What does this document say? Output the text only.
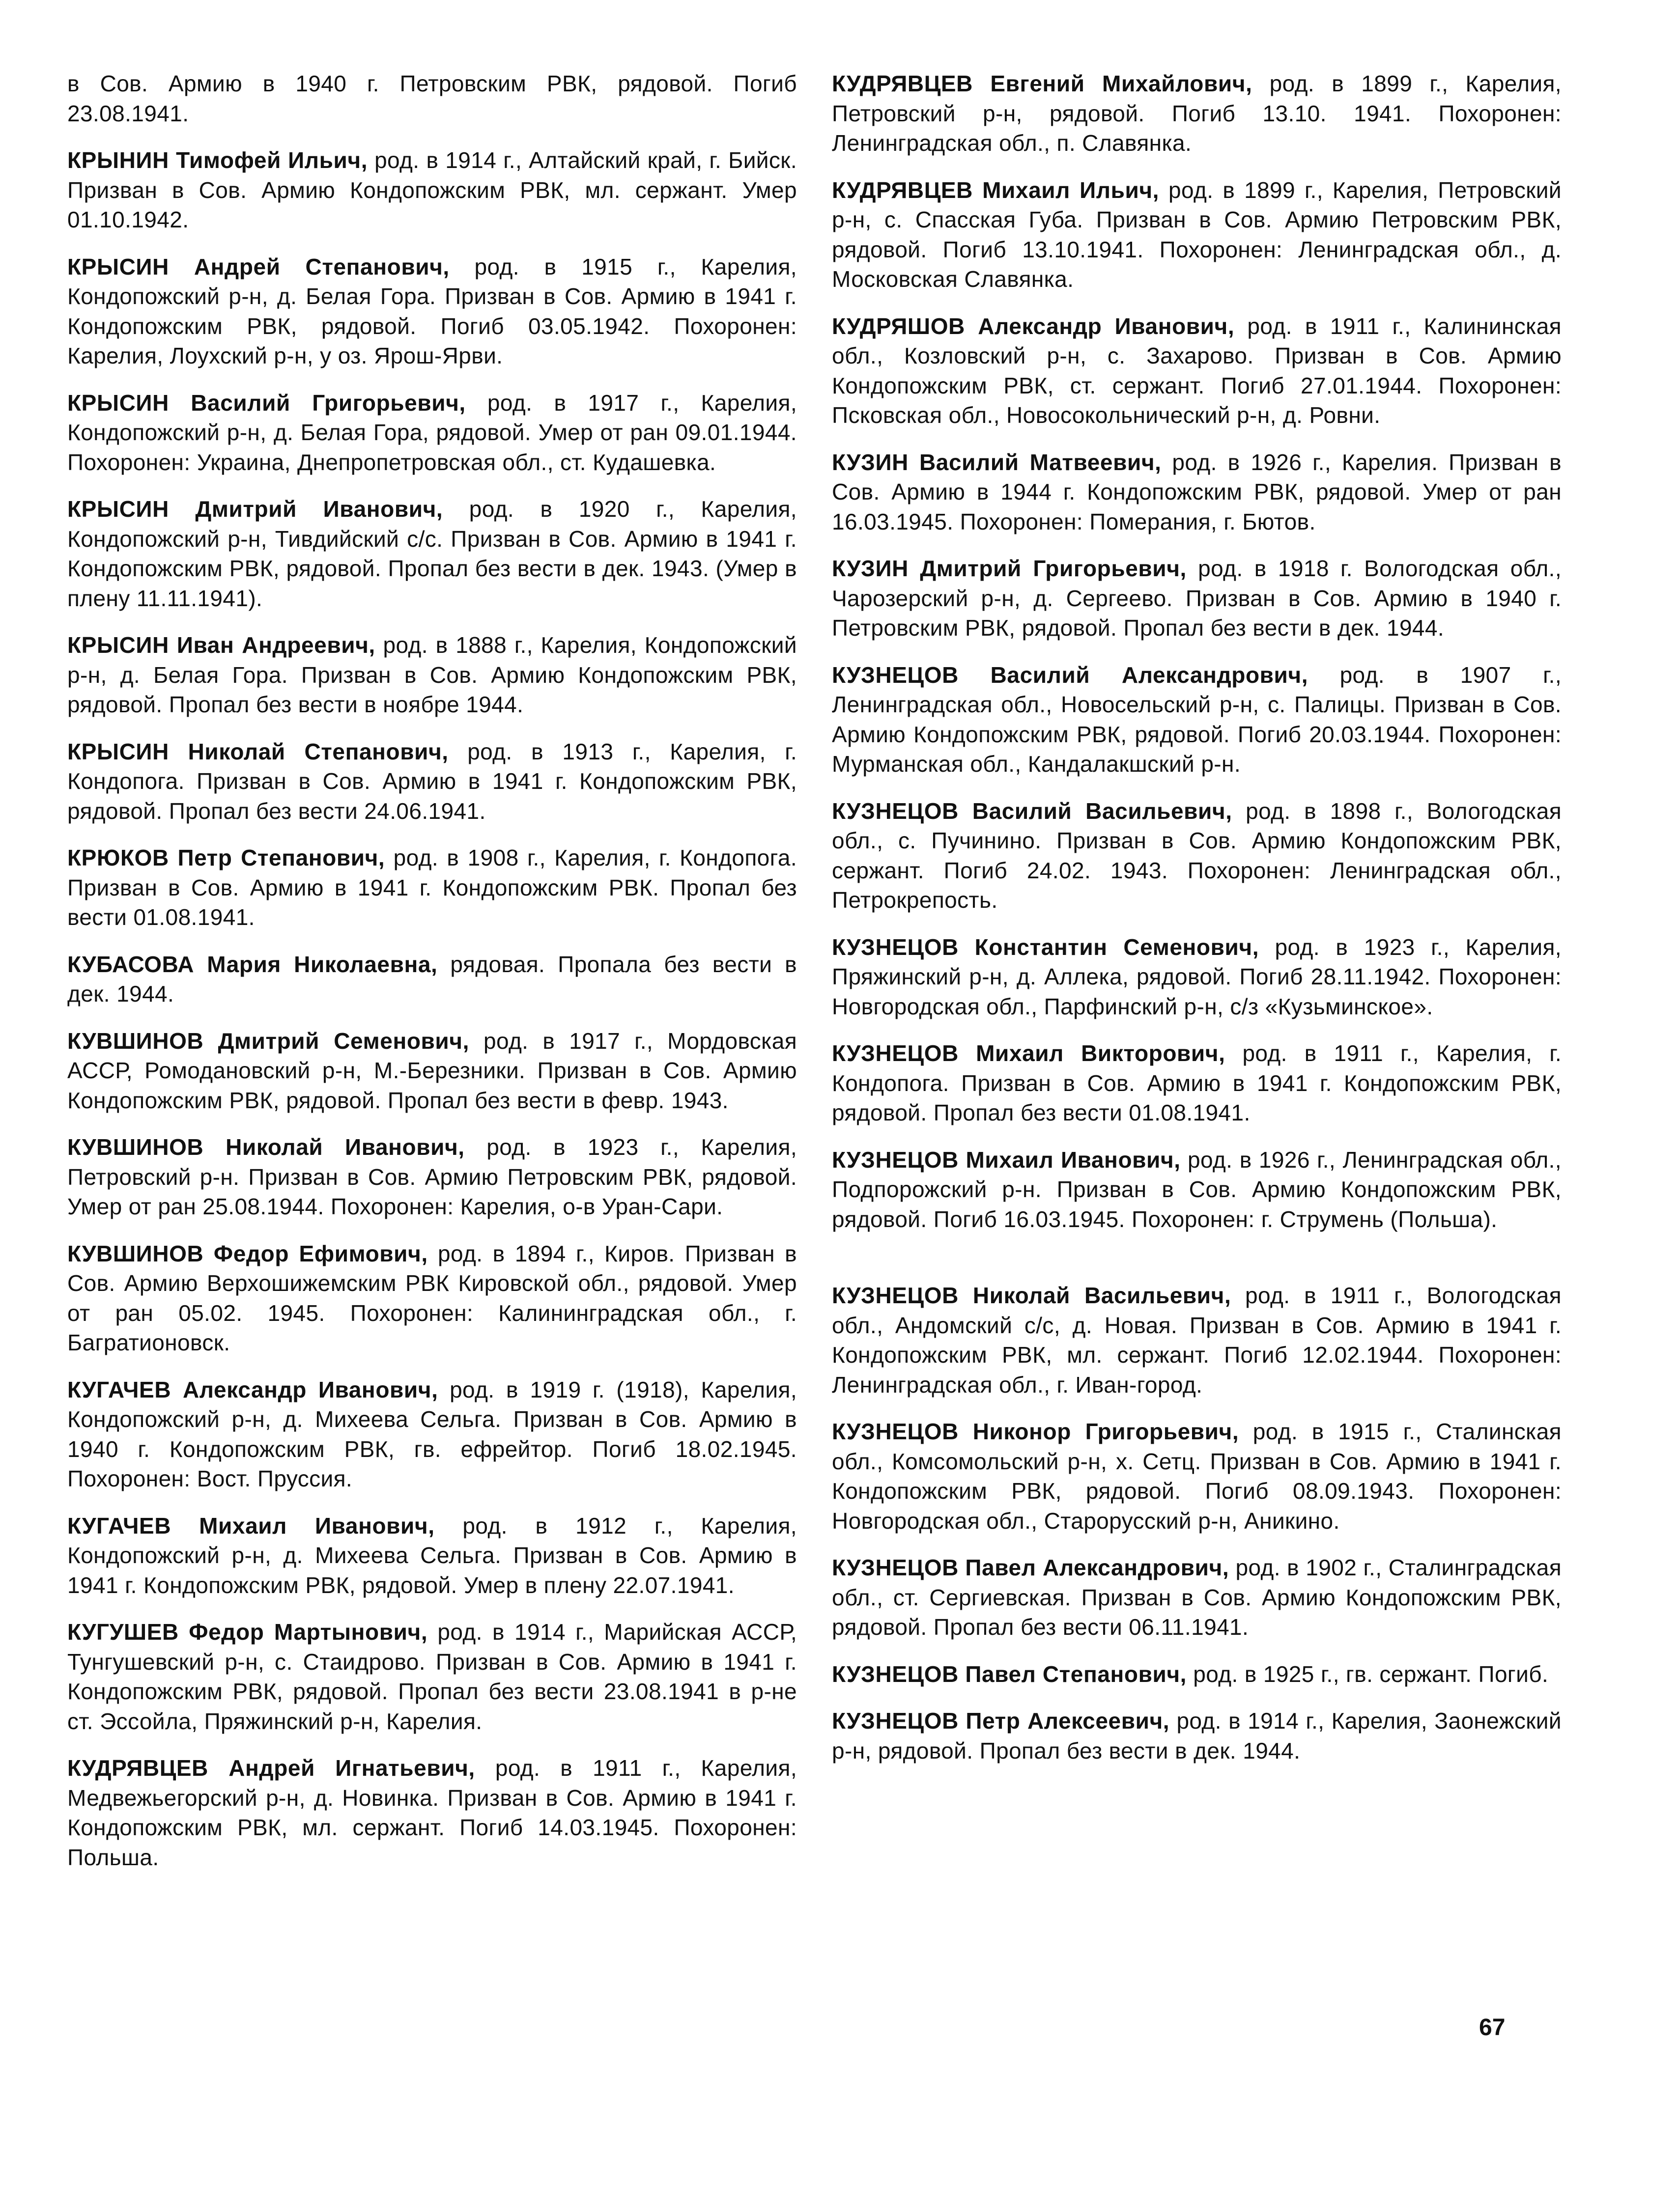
в Сов. Армию в 1940 г. Петровским РВК, рядовой. Погиб 23.08.1941.

КРЫНИН Тимофей Ильич, род. в 1914 г., Алтайский край, г. Бийск. Призван в Сов. Армию Кондопожским РВК, мл. сержант. Умер 01.10.1942.

КРЫСИН Андрей Степанович, род. в 1915 г., Карелия, Кондопожский р-н, д. Белая Гора. Призван в Сов. Армию в 1941 г. Кондопожским РВК, рядовой. Погиб 03.05.1942. Похоронен: Карелия, Лоухский р-н, у оз. Ярош-Ярви.

КРЫСИН Василий Григорьевич, род. в 1917 г., Карелия, Кондопожский р-н, д. Белая Гора, рядовой. Умер от ран 09.01.1944. Похоронен: Украина, Днепропетровская обл., ст. Кудашевка.

КРЫСИН Дмитрий Иванович, род. в 1920 г., Карелия, Кондопожский р-н, Тивдийский с/с. Призван в Сов. Армию в 1941 г. Кондопожским РВК, рядовой. Пропал без вести в дек. 1943. (Умер в плену 11.11.1941).

КРЫСИН Иван Андреевич, род. в 1888 г., Карелия, Кондопожский р-н, д. Белая Гора. Призван в Сов. Армию Кондопожским РВК, рядовой. Пропал без вести в ноябре 1944.

КРЫСИН Николай Степанович, род. в 1913 г., Карелия, г. Кондопога. Призван в Сов. Армию в 1941 г. Кондопожским РВК, рядовой. Пропал без вести 24.06.1941.

КРЮКОВ Петр Степанович, род. в 1908 г., Карелия, г. Кондопога. Призван в Сов. Армию в 1941 г. Кондопожским РВК. Пропал без вести 01.08.1941.

КУБАСОВА Мария Николаевна, рядовая. Пропала без вести в дек. 1944.

КУВШИНОВ Дмитрий Семенович, род. в 1917 г., Мордовская АССР, Ромодановский р-н, М.-Березники. Призван в Сов. Армию Кондопожским РВК, рядовой. Пропал без вести в февр. 1943.

КУВШИНОВ Николай Иванович, род. в 1923 г., Карелия, Петровский р-н. Призван в Сов. Армию Петровским РВК, рядовой. Умер от ран 25.08.1944. Похоронен: Карелия, о-в Уран-Сари.

КУВШИНОВ Федор Ефимович, род. в 1894 г., Киров. Призван в Сов. Армию Верхошижемским РВК Кировской обл., рядовой. Умер от ран 05.02. 1945. Похоронен: Калининградская обл., г. Багратионовск.

КУГАЧЕВ Александр Иванович, род. в 1919 г. (1918), Карелия, Кондопожский р-н, д. Михеева Сельга. Призван в Сов. Армию в 1940 г. Кондопожским РВК, гв. ефрейтор. Погиб 18.02.1945. Похоронен: Вост. Пруссия.

КУГАЧЕВ Михаил Иванович, род. в 1912 г., Карелия, Кондопожский р-н, д. Михеева Сельга. Призван в Сов. Армию в 1941 г. Кондопожским РВК, рядовой. Умер в плену 22.07.1941.

КУГУШЕВ Федор Мартынович, род. в 1914 г., Марийская АССР, Тунгушевский р-н, с. Стаидрово. Призван в Сов. Армию в 1941 г. Кондопожским РВК, рядовой. Пропал без вести 23.08.1941 в р-не ст. Эссойла, Пряжинский р-н, Карелия.

КУДРЯВЦЕВ Андрей Игнатьевич, род. в 1911 г., Карелия, Медвежьегорский р-н, д. Новинка. Призван в Сов. Армию в 1941 г. Кондопожским РВК, мл. сержант. Погиб 14.03.1945. Похоронен: Польша.

КУДРЯВЦЕВ Евгений Михайлович, род. в 1899 г., Карелия, Петровский р-н, рядовой. Погиб 13.10. 1941. Похоронен: Ленинградская обл., п. Славянка.

КУДРЯВЦЕВ Михаил Ильич, род. в 1899 г., Карелия, Петровский р-н, с. Спасская Губа. Призван в Сов. Армию Петровским РВК, рядовой. Погиб 13.10.1941. Похоронен: Ленинградская обл., д. Московская Славянка.

КУДРЯШОВ Александр Иванович, род. в 1911 г., Калининская обл., Козловский р-н, с. Захарово. Призван в Сов. Армию Кондопожским РВК, ст. сержант. Погиб 27.01.1944. Похоронен: Псковская обл., Новосокольнический р-н, д. Ровни.

КУЗИН Василий Матвеевич, род. в 1926 г., Карелия. Призван в Сов. Армию в 1944 г. Кондопожским РВК, рядовой. Умер от ран 16.03.1945. Похоронен: Померания, г. Бютов.

КУЗИН Дмитрий Григорьевич, род. в 1918 г. Вологодская обл., Чарозерский р-н, д. Сергеево. Призван в Сов. Армию в 1940 г. Петровским РВК, рядовой. Пропал без вести в дек. 1944.

КУЗНЕЦОВ Василий Александрович, род. в 1907 г., Ленинградская обл., Новосельский р-н, с. Палицы. Призван в Сов. Армию Кондопожским РВК, рядовой. Погиб 20.03.1944. Похоронен: Мурманская обл., Кандалакшский р-н.

КУЗНЕЦОВ Василий Васильевич, род. в 1898 г., Вологодская обл., с. Пучинино. Призван в Сов. Армию Кондопожским РВК, сержант. Погиб 24.02. 1943. Похоронен: Ленинградская обл., Петрокрепость.

КУЗНЕЦОВ Константин Семенович, род. в 1923 г., Карелия, Пряжинский р-н, д. Аллека, рядовой. Погиб 28.11.1942. Похоронен: Новгородская обл., Парфинский р-н, с/з «Кузьминское».

КУЗНЕЦОВ Михаил Викторович, род. в 1911 г., Карелия, г. Кондопога. Призван в Сов. Армию в 1941 г. Кондопожским РВК, рядовой. Пропал без вести 01.08.1941.

КУЗНЕЦОВ Михаил Иванович, род. в 1926 г., Ленинградская обл., Подпорожский р-н. Призван в Сов. Армию Кондопожским РВК, рядовой. Погиб 16.03.1945. Похоронен: г. Струмень (Польша).

КУЗНЕЦОВ Николай Васильевич, род. в 1911 г., Вологодская обл., Андомский с/с, д. Новая. Призван в Сов. Армию в 1941 г. Кондопожским РВК, мл. сержант. Погиб 12.02.1944. Похоронен: Ленинградская обл., г. Иван-город.

КУЗНЕЦОВ Никонор Григорьевич, род. в 1915 г., Сталинская обл., Комсомольский р-н, х. Сетц. Призван в Сов. Армию в 1941 г. Кондопожским РВК, рядовой. Погиб 08.09.1943. Похоронен: Новгородская обл., Старорусский р-н, Аникино.

КУЗНЕЦОВ Павел Александрович, род. в 1902 г., Сталинградская обл., ст. Сергиевская. Призван в Сов. Армию Кондопожским РВК, рядовой. Пропал без вести 06.11.1941.

КУЗНЕЦОВ Павел Степанович, род. в 1925 г., гв. сержант. Погиб.

КУЗНЕЦОВ Петр Алексеевич, род. в 1914 г., Карелия, Заонежский р-н, рядовой. Пропал без вести в дек. 1944.

67
